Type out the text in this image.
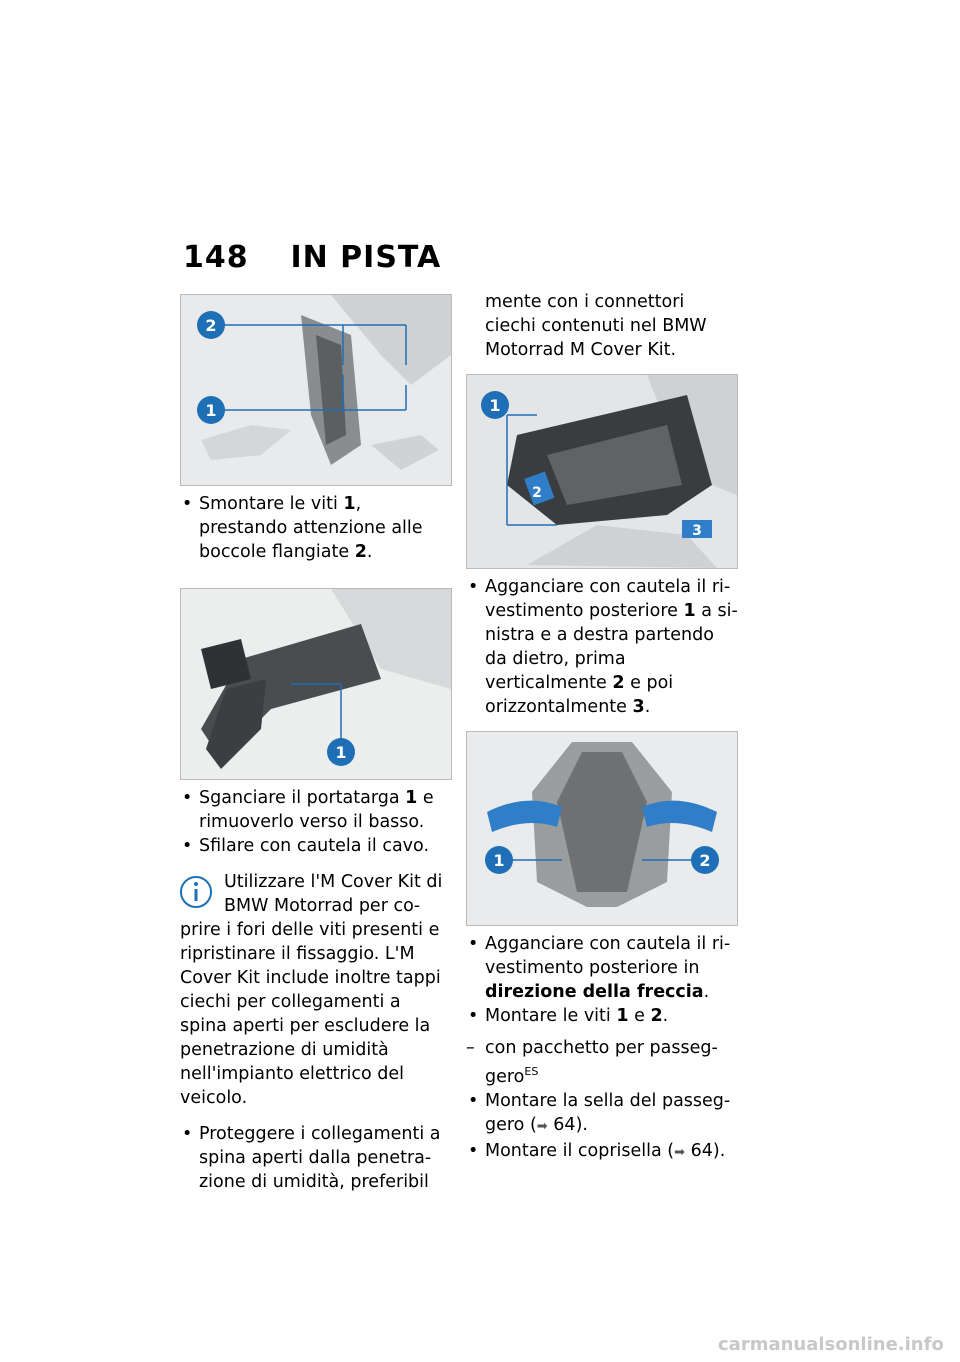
148 IN PISTA
2
1

• Smontare le viti 1, prestando attenzione alle boccole flangiate 2.

1

• Sganciare il portatarga 1 e rimuoverlo verso il basso.

• Sfilare con cautela il cavo.

Utilizzare l'M Cover Kit di BMW Motorrad per coprire i fori delle viti presenti e ripristinare il fissaggio. L'M Cover Kit include inoltre tappi ciechi per collegamenti a spina aperti per escludere la penetrazione di umidità nell'impianto elettrico del veicolo.

• Proteggere i collegamenti a spina aperti dalla penetrazione di umidità, preferibil

mente con i connettori ciechi contenuti nel BMW Motorrad M Cover Kit.

1
2
3

• Agganciare con cautela il rivestimento posteriore 1 a sinistra e a destra partendo da dietro, prima verticalmente 2 e poi orizzontalmente 3.

1	2

• Agganciare con cautela il rivestimento posteriore in direzione della freccia.

• Montare le viti 1 e 2.

– con pacchetto per passeggero$^{ES}$

• Montare la sella del passeggero (➡ 64).

• Montare il coprisella (➡ 64).

carmanualsonline.info
